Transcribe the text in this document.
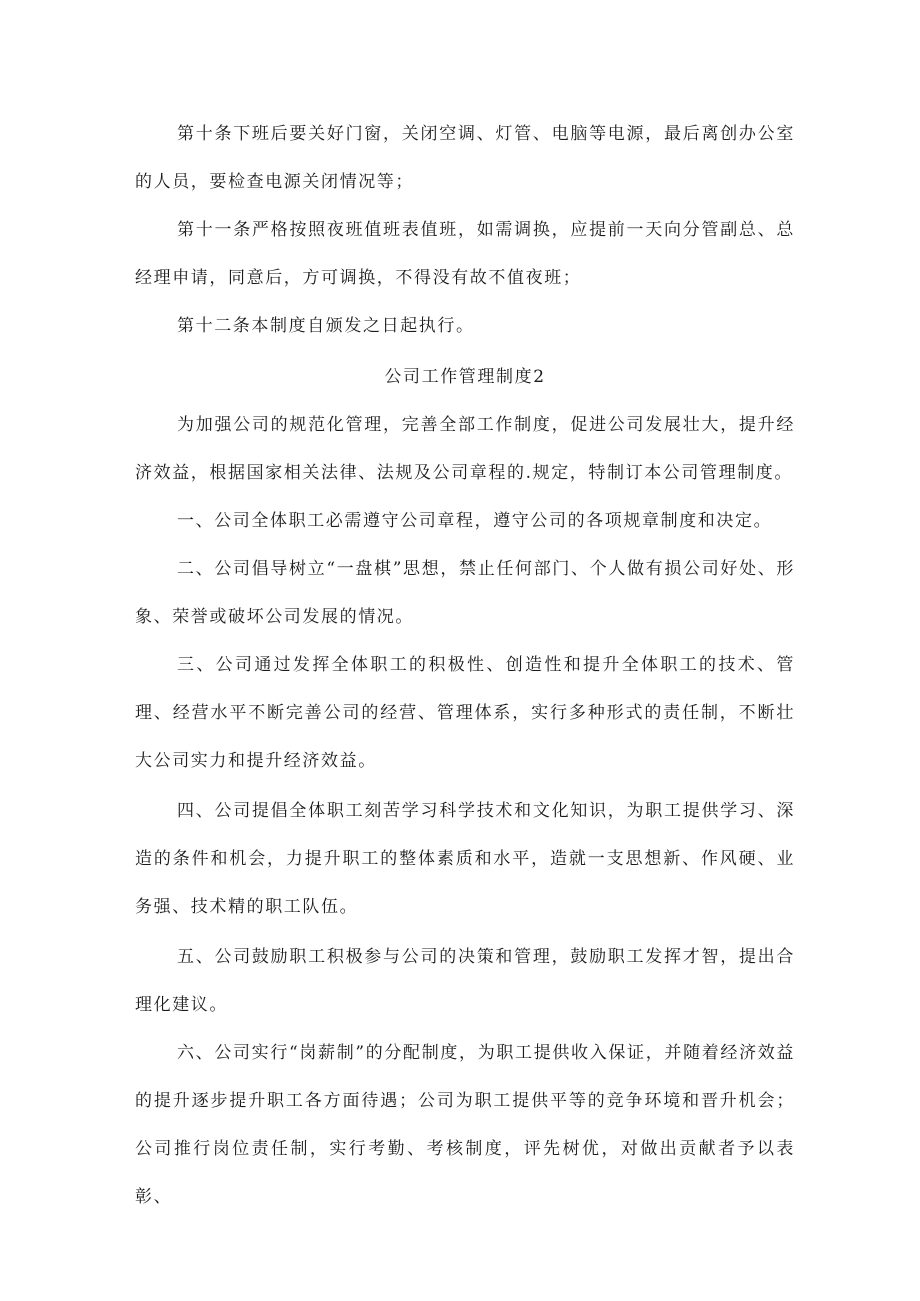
第十条下班后要关好门窗，关闭空调、灯管、电脑等电源，最后离创办公室的人员，要检查电源关闭情况等；

第十一条严格按照夜班值班表值班，如需调换，应提前一天向分管副总、总经理申请，同意后，方可调换，不得没有故不值夜班；

第十二条本制度自颁发之日起执行。

公司工作管理制度2

为加强公司的规范化管理，完善全部工作制度，促进公司发展壮大，提升经济效益，根据国家相关法律、法规及公司章程的.规定，特制订本公司管理制度。

一、公司全体职工必需遵守公司章程，遵守公司的各项规章制度和决定。

二、公司倡导树立“一盘棋”思想，禁止任何部门、个人做有损公司好处、形象、荣誉或破坏公司发展的情况。

三、公司通过发挥全体职工的积极性、创造性和提升全体职工的技术、管理、经营水平不断完善公司的经营、管理体系，实行多种形式的责任制，不断壮大公司实力和提升经济效益。

四、公司提倡全体职工刻苦学习科学技术和文化知识，为职工提供学习、深造的条件和机会，力提升职工的整体素质和水平，造就一支思想新、作风硬、业务强、技术精的职工队伍。

五、公司鼓励职工积极参与公司的决策和管理，鼓励职工发挥才智，提出合理化建议。

六、公司实行“岗薪制”的分配制度，为职工提供收入保证，并随着经济效益的提升逐步提升职工各方面待遇；公司为职工提供平等的竞争环境和晋升机会；公司推行岗位责任制，实行考勤、考核制度，评先树优，对做出贡献者予以表彰、
